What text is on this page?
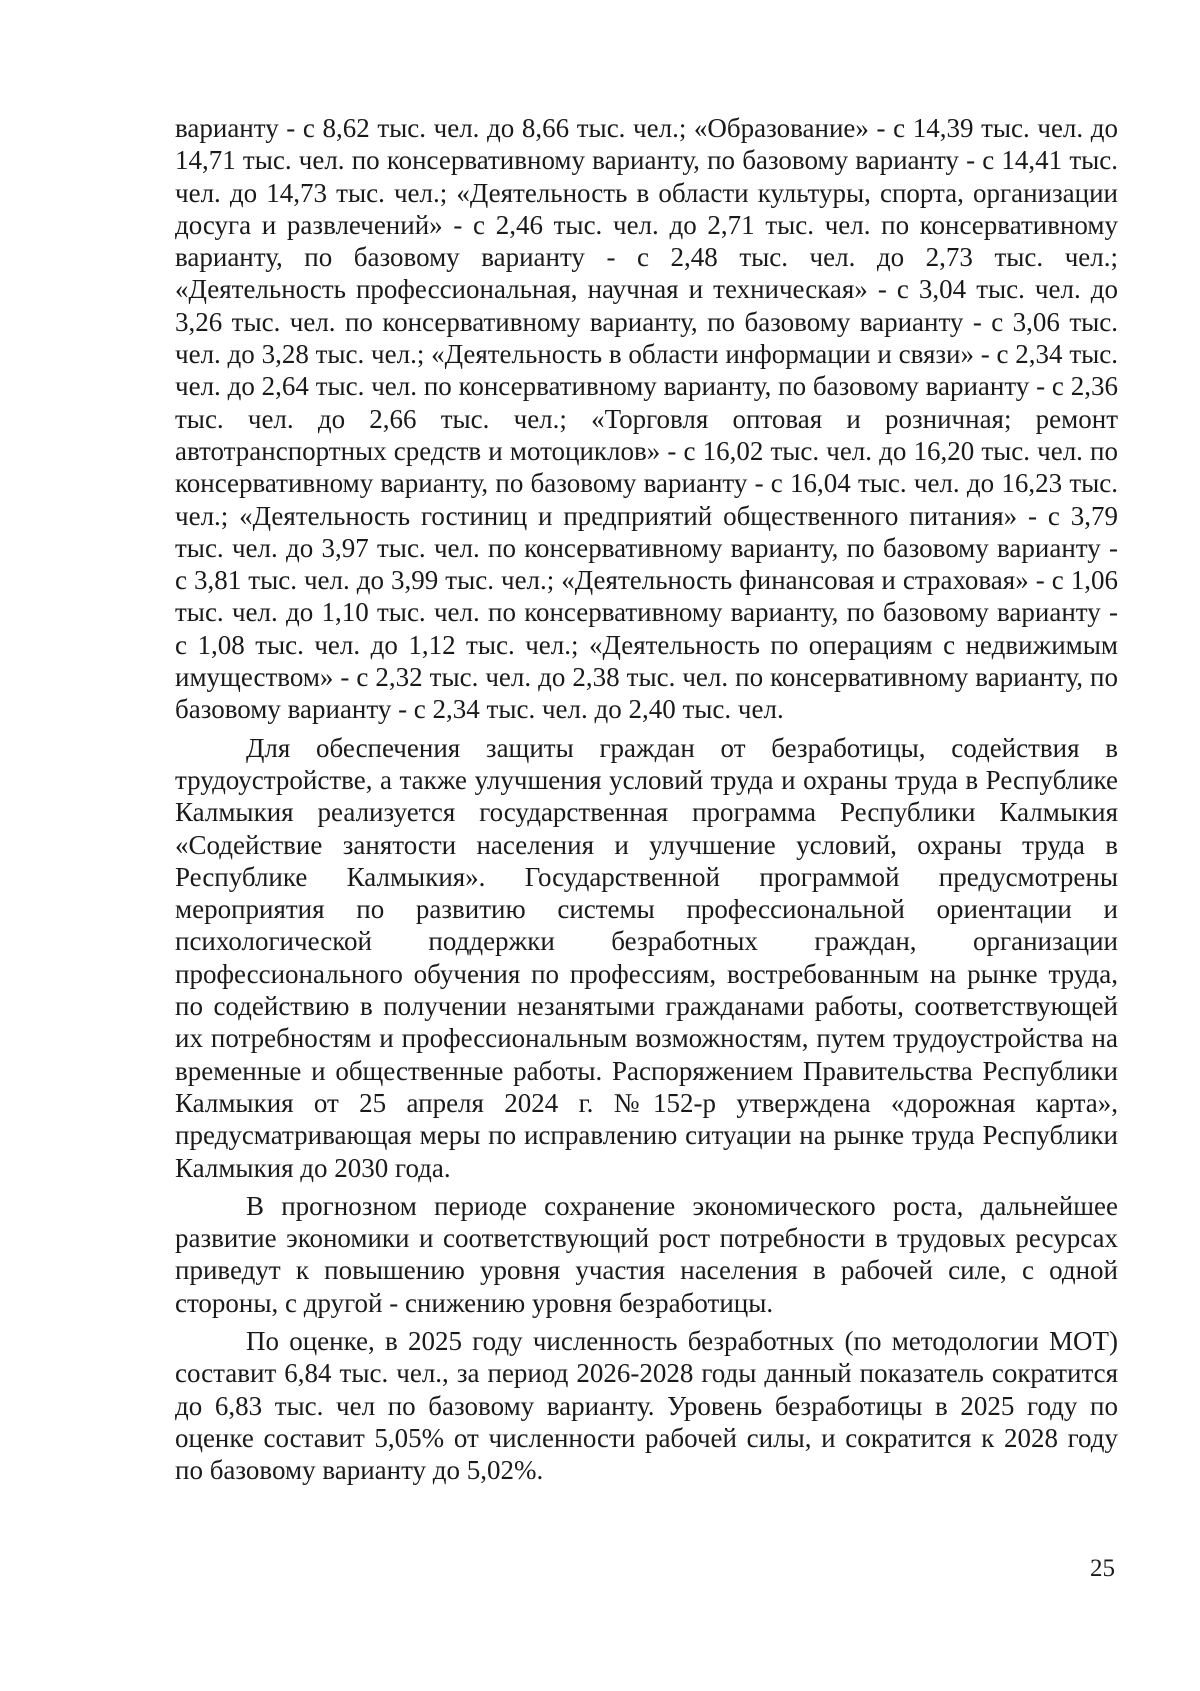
варианту - с 8,62 тыс. чел. до 8,66 тыс. чел.; «Образование» - с 14,39 тыс. чел. до 14,71 тыс. чел. по консервативному варианту, по базовому варианту - с 14,41 тыс. чел. до 14,73 тыс. чел.; «Деятельность в области культуры, спорта, организации досуга и развлечений» - с 2,46 тыс. чел. до 2,71 тыс. чел. по консервативному варианту, по базовому варианту - с 2,48 тыс. чел. до 2,73 тыс. чел.; «Деятельность профессиональная, научная и техническая» - с 3,04 тыс. чел. до 3,26 тыс. чел. по консервативному варианту, по базовому варианту - с 3,06 тыс. чел. до 3,28 тыс. чел.; «Деятельность в области информации и связи» - с 2,34 тыс. чел. до 2,64 тыс. чел. по консервативному варианту, по базовому варианту - с 2,36 тыс. чел. до 2,66 тыс. чел.; «Торговля оптовая и розничная; ремонт автотранспортных средств и мотоциклов» - с 16,02 тыс. чел. до 16,20 тыс. чел. по консервативному варианту, по базовому варианту - с 16,04 тыс. чел. до 16,23 тыс. чел.; «Деятельность гостиниц и предприятий общественного питания» - с 3,79 тыс. чел. до 3,97 тыс. чел. по консервативному варианту, по базовому варианту - с 3,81 тыс. чел. до 3,99 тыс. чел.; «Деятельность финансовая и страховая» - с 1,06 тыс. чел. до 1,10 тыс. чел. по консервативному варианту, по базовому варианту - с 1,08 тыс. чел. до 1,12 тыс. чел.; «Деятельность по операциям с недвижимым имуществом» - с 2,32 тыс. чел. до 2,38 тыс. чел. по консервативному варианту, по базовому варианту - с 2,34 тыс. чел. до 2,40 тыс. чел.

Для обеспечения защиты граждан от безработицы, содействия в трудоустройстве, а также улучшения условий труда и охраны труда в Республике Калмыкия реализуется государственная программа Республики Калмыкия «Содействие занятости населения и улучшение условий, охраны труда в Республике Калмыкия». Государственной программой предусмотрены мероприятия по развитию системы профессиональной ориентации и психологической поддержки безработных граждан, организации профессионального обучения по профессиям, востребованным на рынке труда, по содействию в получении незанятыми гражданами работы, соответствующей их потребностям и профессиональным возможностям, путем трудоустройства на временные и общественные работы. Распоряжением Правительства Республики Калмыкия от 25 апреля 2024 г. №152-р утверждена «дорожная карта», предусматривающая меры по исправлению ситуации на рынке труда Республики Калмыкия до 2030 года.

В прогнозном периоде сохранение экономического роста, дальнейшее развитие экономики и соответствующий рост потребности в трудовых ресурсах приведут к повышению уровня участия населения в рабочей силе, с одной стороны, с другой - снижению уровня безработицы.

По оценке, в 2025 году численность безработных (по методологии МОТ) составит 6,84 тыс. чел., за период 2026-2028 годы данный показатель сократится до 6,83 тыс. чел по базовому варианту. Уровень безработицы в 2025 году по оценке составит 5,05% от численности рабочей силы, и сократится к 2028 году по базовому варианту до 5,02%.

25
